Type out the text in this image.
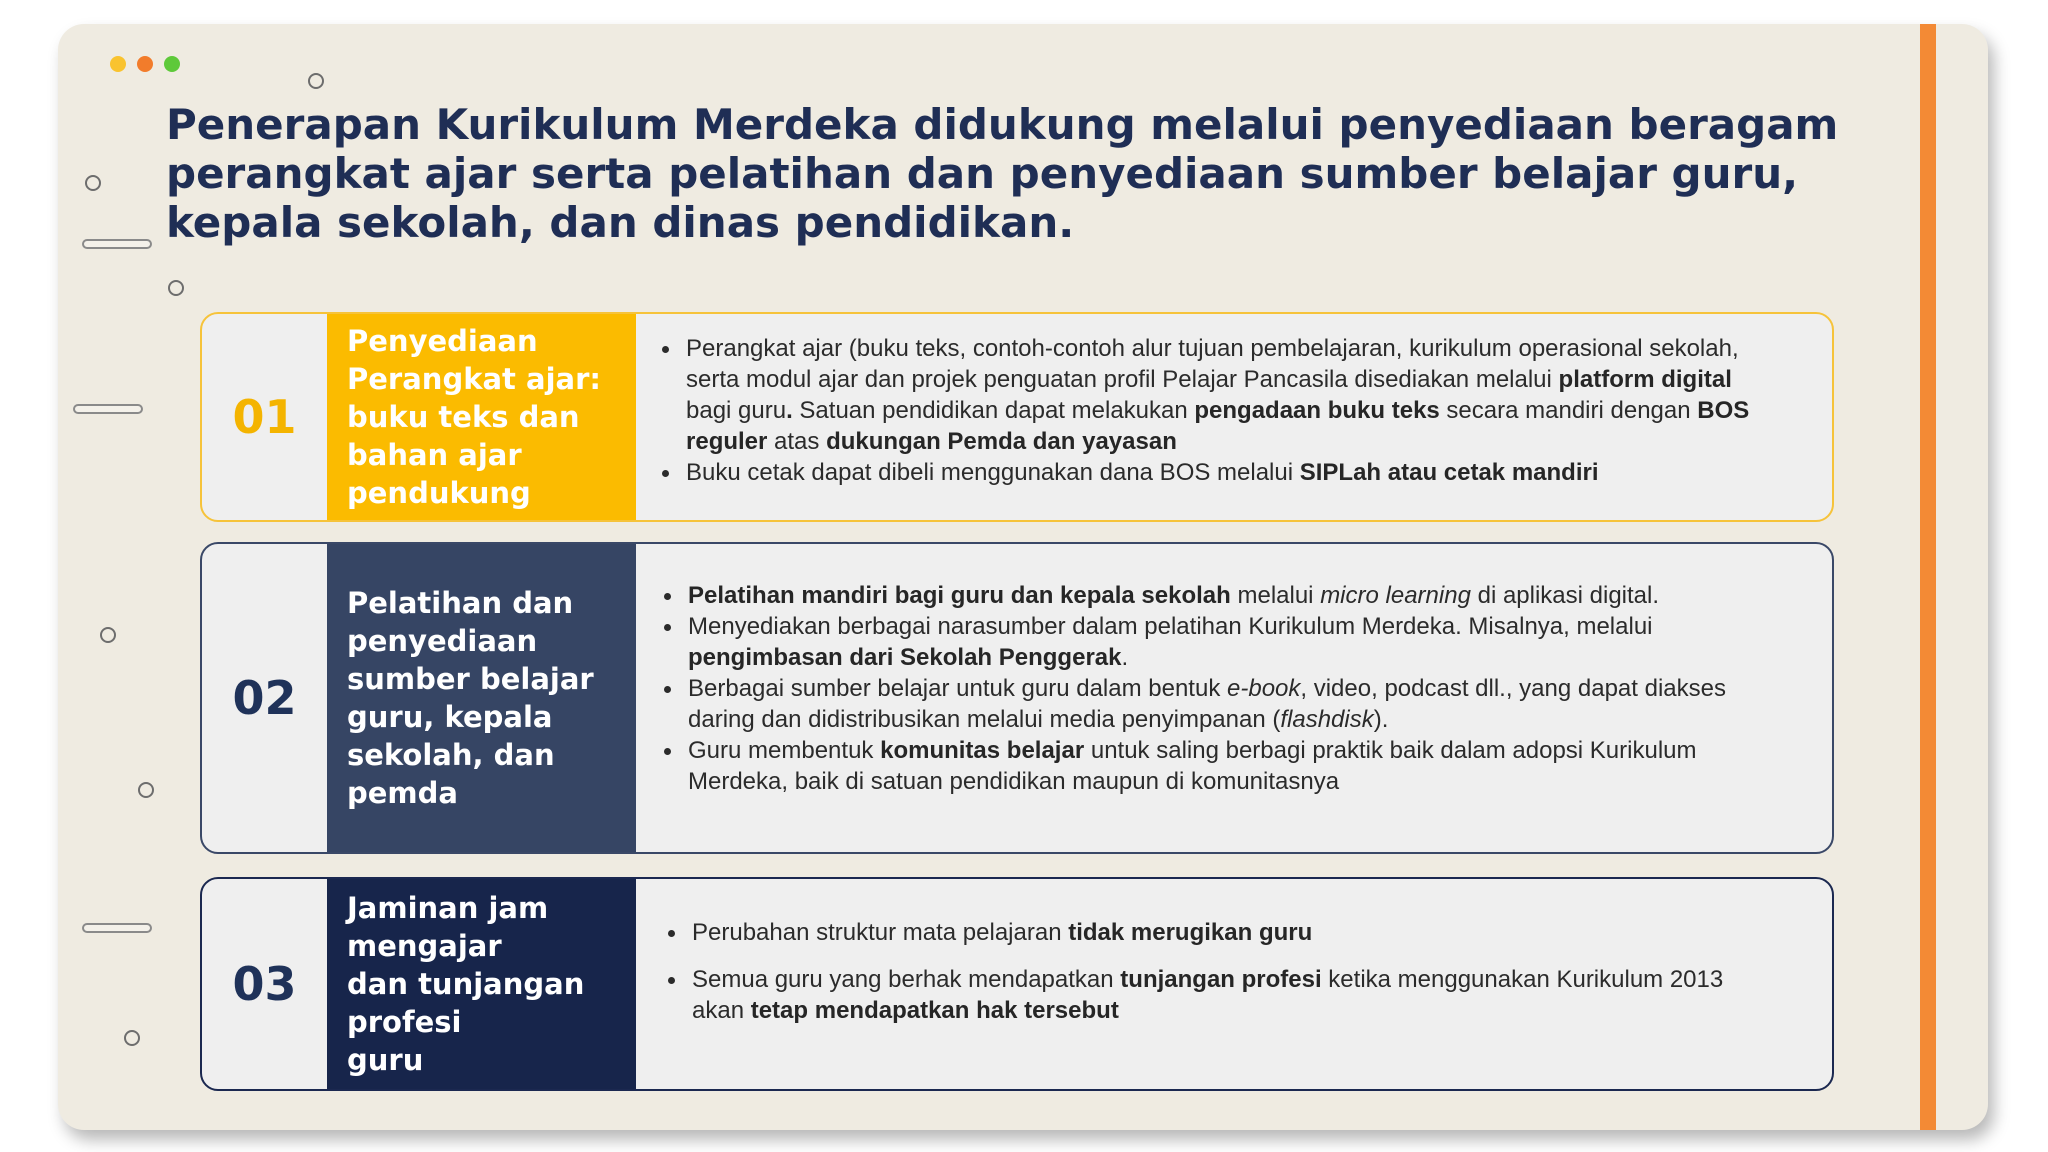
Penerapan Kurikulum Merdeka didukung melalui penyediaan beragam perangkat ajar serta pelatihan dan penyediaan sumber belajar guru, kepala sekolah, dan dinas pendidikan.
01
Penyediaan
Perangkat ajar:
buku teks dan
bahan ajar
pendukung
Perangkat ajar (buku teks, contoh-contoh alur tujuan pembelajaran, kurikulum operasional sekolah, serta modul ajar dan projek penguatan profil Pelajar Pancasila disediakan melalui platform digital bagi guru. Satuan pendidikan dapat melakukan pengadaan buku teks secara mandiri dengan BOS reguler atas dukungan Pemda dan yayasan
Buku cetak dapat dibeli menggunakan dana BOS melalui SIPLah atau cetak mandiri
02
Pelatihan dan
penyediaan
sumber belajar
guru, kepala
sekolah, dan
pemda
Pelatihan mandiri bagi guru dan kepala sekolah melalui micro learning di aplikasi digital.
Menyediakan berbagai narasumber dalam pelatihan Kurikulum Merdeka. Misalnya, melalui pengimbasan dari Sekolah Penggerak.
Berbagai sumber belajar untuk guru dalam bentuk e-book, video, podcast dll., yang dapat diakses daring dan didistribusikan melalui media penyimpanan (flashdisk).
Guru membentuk komunitas belajar untuk saling berbagi praktik baik dalam adopsi Kurikulum Merdeka, baik di satuan pendidikan maupun di komunitasnya
03
Jaminan jam
mengajar
dan tunjangan
profesi
guru
Perubahan struktur mata pelajaran tidak merugikan guru
Semua guru yang berhak mendapatkan tunjangan profesi ketika menggunakan Kurikulum 2013 akan tetap mendapatkan hak tersebut
